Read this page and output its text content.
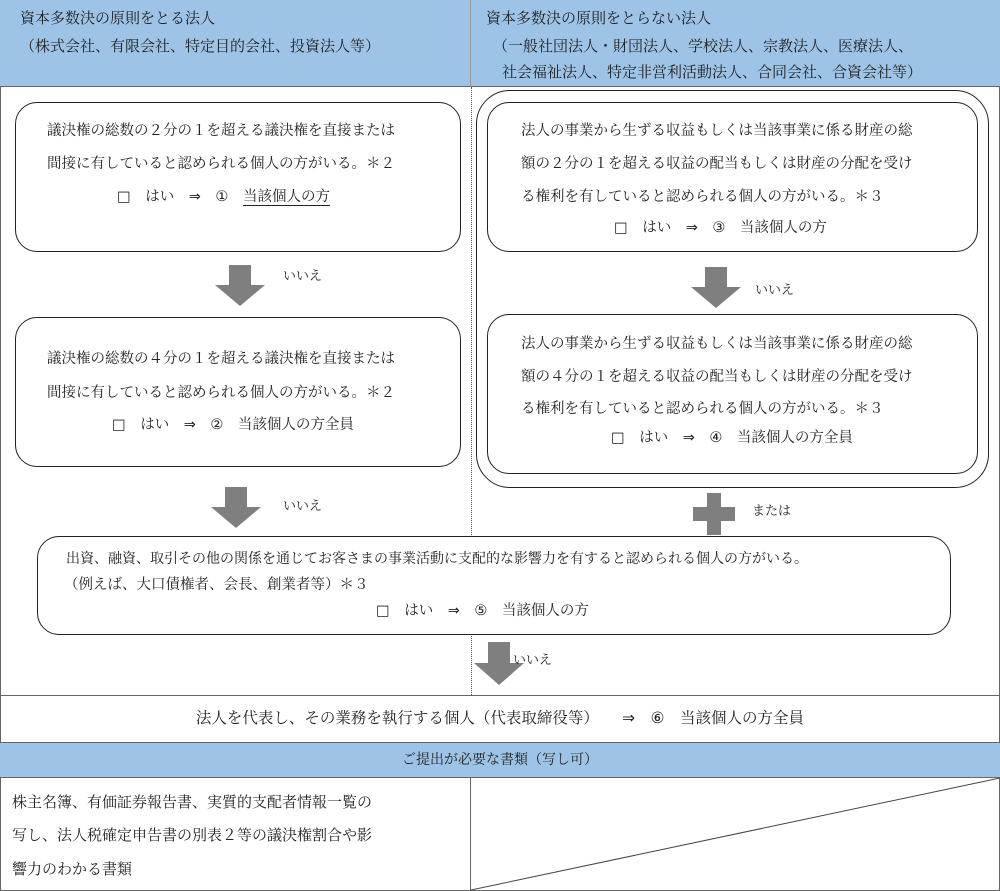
資本多数決の原則をとる法人
（株式会社、有限会社、特定目的会社、投資法人等）
資本多数決の原則をとらない法人
（一般社団法人・財団法人、学校法人、宗教法人、医療法人、
社会福祉法人、特定非営利活動法人、合同会社、合資会社等）
議決権の総数の２分の１を超える議決権を直接または
間接に有していると認められる個人の方がいる。＊２
□　はい　⇒　① 当該個人の方
いいえ
議決権の総数の４分の１を超える議決権を直接または
間接に有していると認められる個人の方がいる。＊２
□　はい　⇒　②　当該個人の方全員
いいえ
法人の事業から生ずる収益もしくは当該事業に係る財産の総
額の２分の１を超える収益の配当もしくは財産の分配を受け
る権利を有していると認められる個人の方がいる。＊３
□　はい　⇒　③　当該個人の方
いいえ
法人の事業から生ずる収益もしくは当該事業に係る財産の総
額の４分の１を超える収益の配当もしくは財産の分配を受け
る権利を有していると認められる個人の方がいる。＊３
□　はい　⇒　④　当該個人の方全員
または
出資、融資、取引その他の関係を通じてお客さまの事業活動に支配的な影響力を有すると認められる個人の方がいる。
（例えば、大口債権者、会長、創業者等）＊３
□　はい　⇒　⑤　当該個人の方
いいえ
法人を代表し、その業務を執行する個人（代表取締役等）　　⇒　⑥　当該個人の方全員
ご提出が必要な書類（写し可）
株主名簿、有価証券報告書、実質的支配者情報一覧の
写し、法人税確定申告書の別表２等の議決権割合や影
響力のわかる書類
